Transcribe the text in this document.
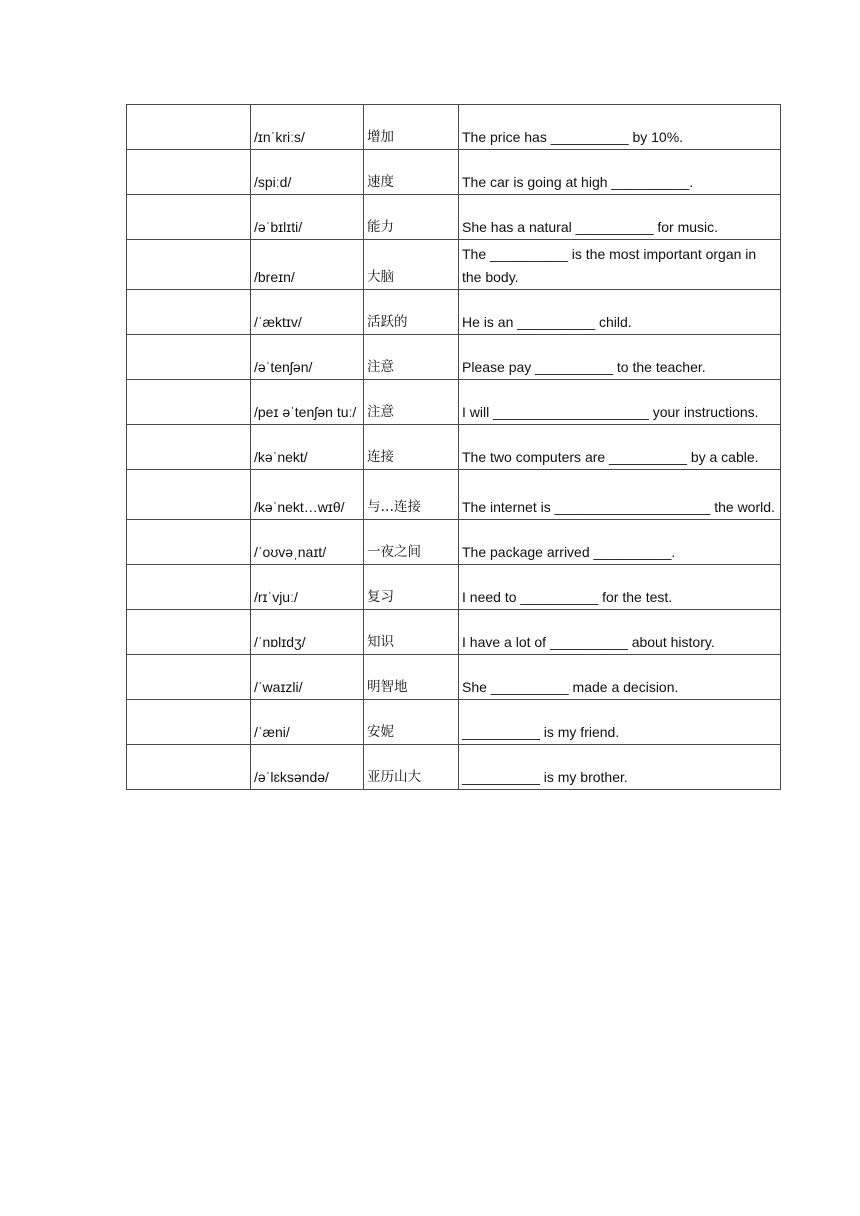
	/ɪnˈkriːs/	增加	The price has __________ by 10%.
	/spiːd/	速度	The car is going at high __________.
	/əˈbɪlɪti/	能力	She has a natural __________ for music.
	/breɪn/	大脑	The __________ is the most important organ in the body.
	/ˈæktɪv/	活跃的	He is an __________ child.
	/əˈtenʃən/	注意	Please pay __________ to the teacher.
	/peɪ əˈtenʃən tuː/	注意	I will ____________________ your instructions.
	/kəˈnekt/	连接	The two computers are __________ by a cable.
	/kəˈnekt…wɪθ/	与…连接	The internet is ____________________ the world.
	/ˈoʊvəˌnaɪt/	一夜之间	The package arrived __________.
	/rɪˈvjuː/	复习	I need to __________ for the test.
	/ˈnɒlɪdʒ/	知识	I have a lot of __________ about history.
	/ˈwaɪzli/	明智地	She __________ made a decision.
	/ˈæni/	安妮	__________ is my friend.
	/əˈlɛksəndə/	亚历山大	__________ is my brother.
